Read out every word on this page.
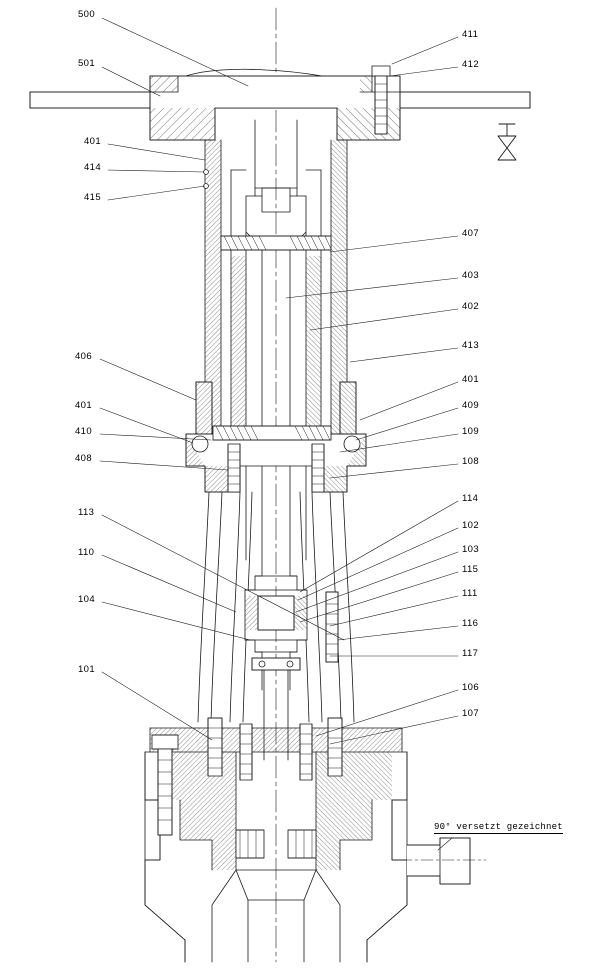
500
501
401
414
415
406
401
410
408
113
110
104
101
411
412
407
403
402
413
401
409
109
108
114
102
103
115
111
116
117
106
107
90° versetzt gezeichnet
